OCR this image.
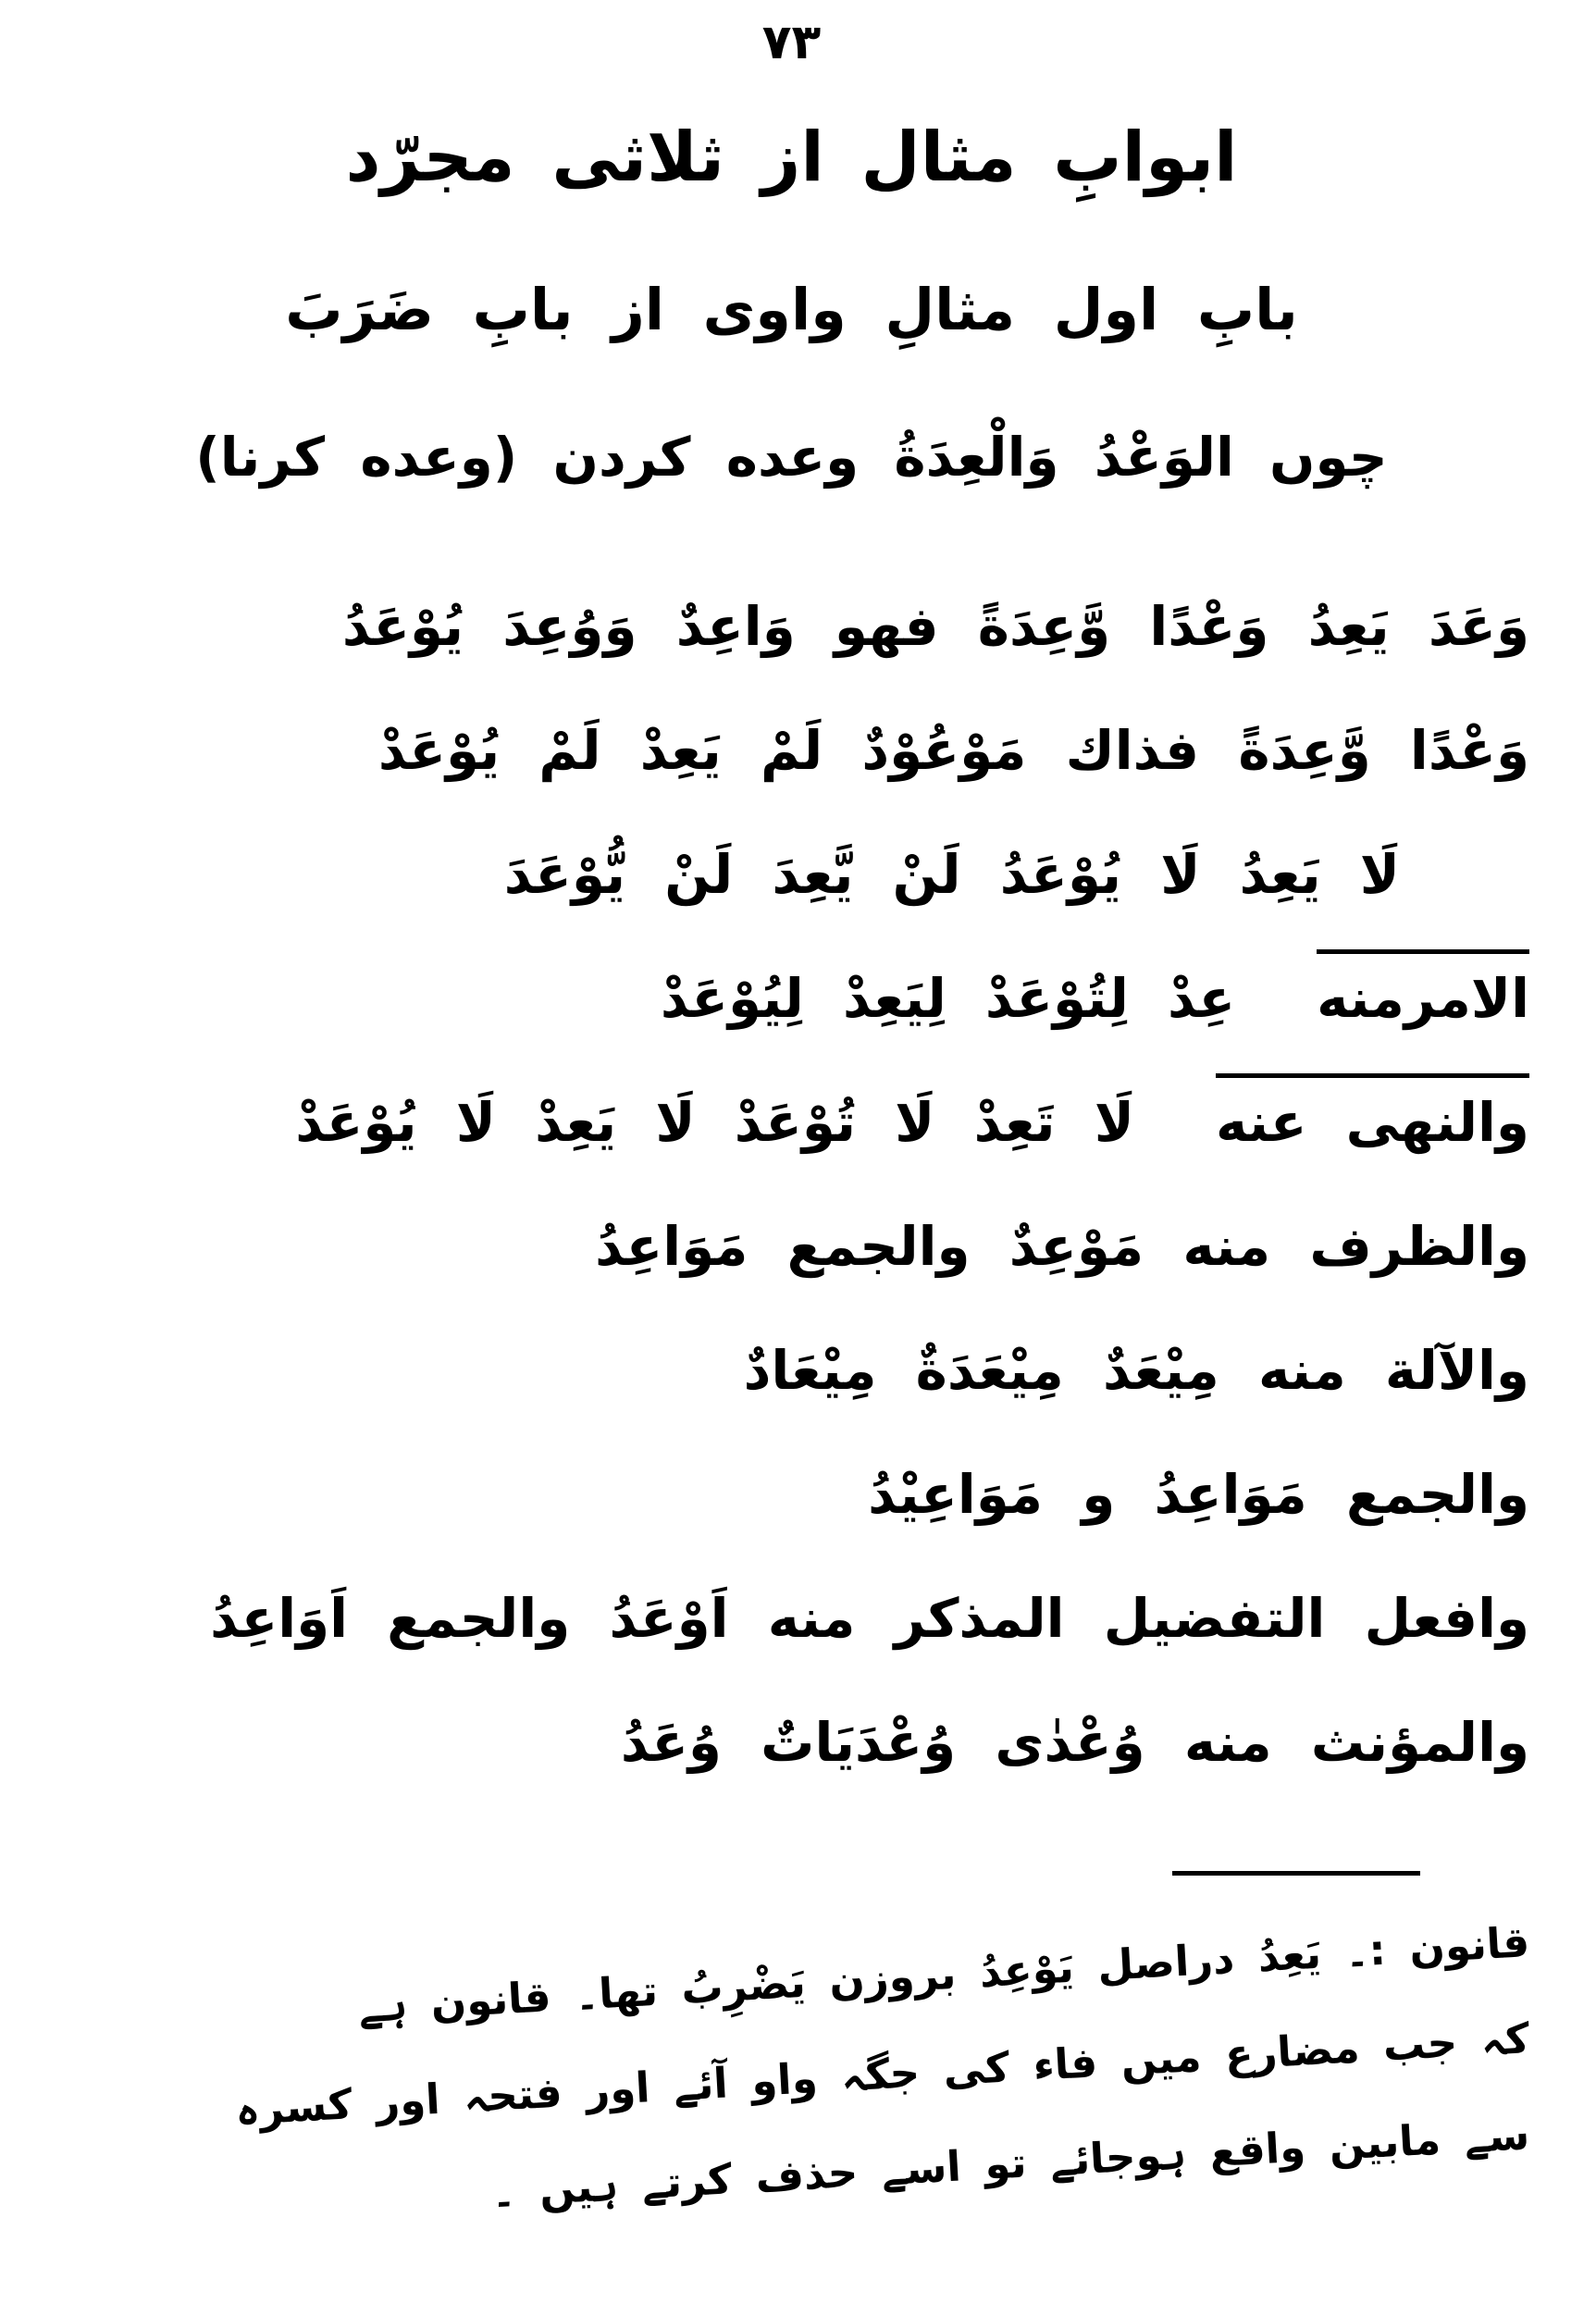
۷۳
ابوابِ مثال از ثلاثی مجرّد
بابِ اول مثالِ واوی از بابِ ضَرَبَ
چوں الوَعْدُ وَالْعِدَةُ وعده کردن (وعده کرنا)
وَعَدَ يَعِدُ وَعْدًا وَّعِدَةً فهو وَاعِدٌ وَوُعِدَ يُوْعَدُ
وَعْدًا وَّعِدَةً فذاك مَوْعُوْدٌ لَمْ يَعِدْ لَمْ يُوْعَدْ
لَا يَعِدُ لَا يُوْعَدُ لَنْ يَّعِدَ لَنْ يُّوْعَدَ
الامرمنهعِدْ لِتُوْعَدْ لِيَعِدْ لِيُوْعَدْ
والنهى عنهلَا تَعِدْ لَا تُوْعَدْ لَا يَعِدْ لَا يُوْعَدْ
والظرف منه مَوْعِدٌ والجمع مَوَاعِدُ
والآلة منه مِيْعَدٌ مِيْعَدَةٌ مِيْعَادٌ
والجمع مَوَاعِدُ و مَوَاعِيْدُ
وافعل التفضيل المذكر منه اَوْعَدُ والجمع اَوَاعِدُ
والمؤنث منه وُعْدٰى وُعْدَيَاتٌ وُعَدُ
قانون :۔ يَعِدُ دراصل يَوْعِدُ بروزن يَضْرِبُ تھا۔ قانون ہے
کہ جب مضارع میں فاء کی جگہ واو آئے اور فتحہ اور کسرہ
سے مابین واقع ہوجائے تو اسے حذف کرتے ہیں ۔
